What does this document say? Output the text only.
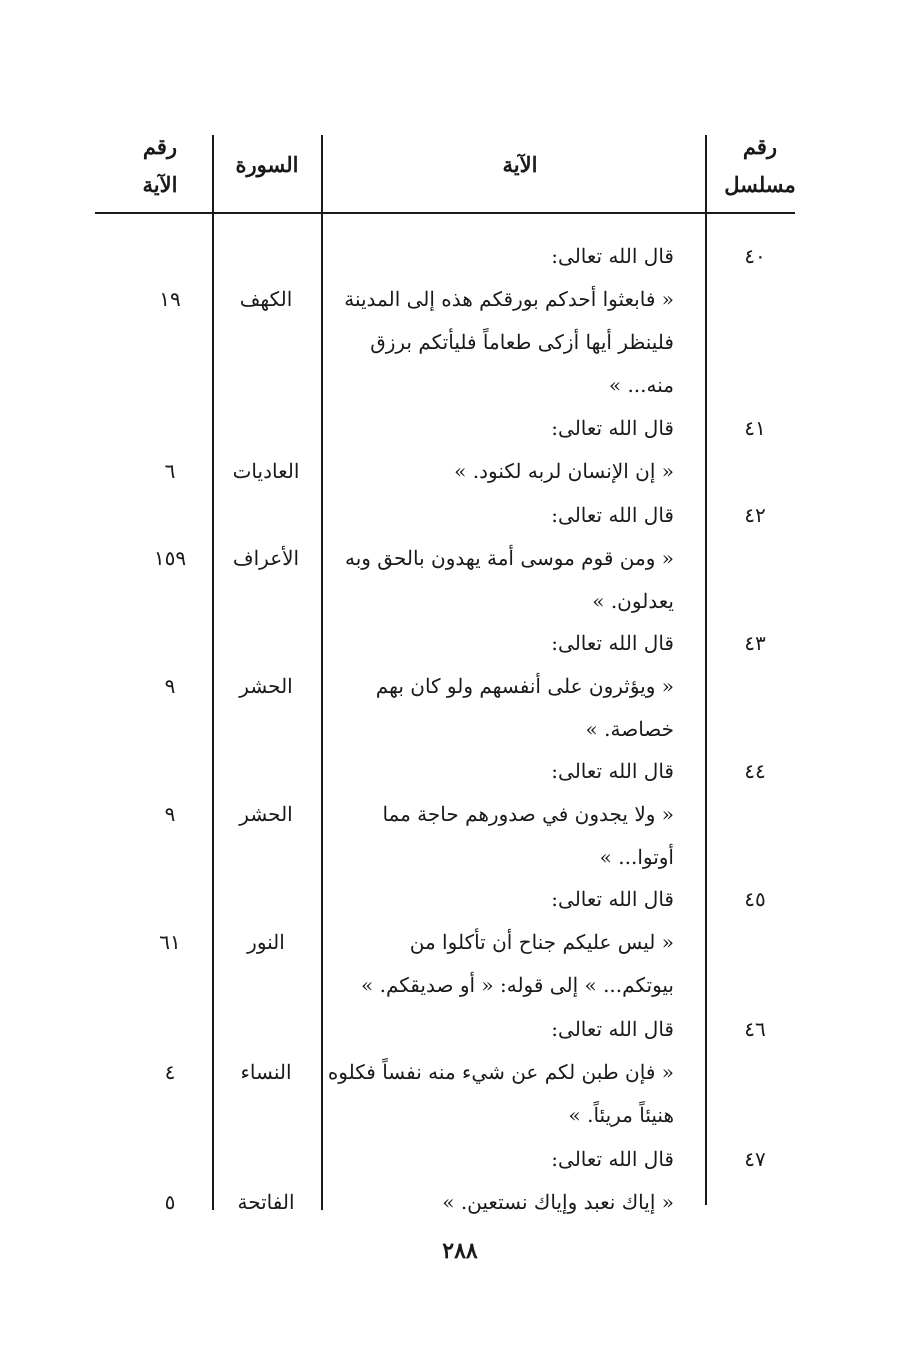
رقم
مسلسل
الآية
السورة
رقم
الآية
٤٠
قال الله تعالى:
« فابعثوا أحدكم بورقكم هذه إلى المدينة
فلينظر أيها أزكى طعاماً فليأتكم برزق
منه... »
الكهف
١٩
٤١
قال الله تعالى:
« إن الإنسان لربه لكنود. »
العاديات
٦
٤٢
قال الله تعالى:
« ومن قوم موسى أمة يهدون بالحق وبه
يعدلون. »
الأعراف
١٥٩
٤٣
قال الله تعالى:
« ويؤثرون على أنفسهم ولو كان بهم
خصاصة. »
الحشر
٩
٤٤
قال الله تعالى:
« ولا يجدون في صدورهم حاجة مما
أوتوا... »
الحشر
٩
٤٥
قال الله تعالى:
« ليس عليكم جناح أن تأكلوا من
بيوتكم... » إلى قوله: « أو صديقكم. »
النور
٦١
٤٦
قال الله تعالى:
« فإن طبن لكم عن شيء منه نفساً فكلوه
هنيئاً مريئاً. »
النساء
٤
٤٧
قال الله تعالى:
« إياك نعبد وإياك نستعين. »
الفاتحة
٥
٢٨٨
